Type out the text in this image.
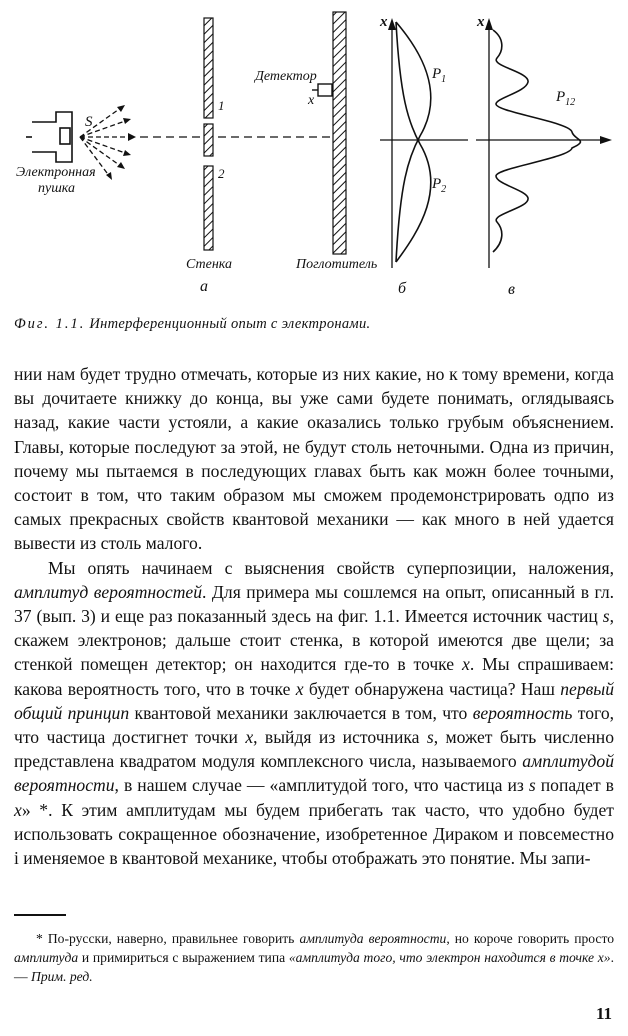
S
Электронная
пушка
1
2
Стенка
а
Детектор
x
Поглотитель
x
$P_1$
$P_2$
б
x
$P_{12}$
в
Фиг. 1.1. Интерференционный опыт с электронами.

нии нам будет трудно отмечать, которые из них какие, но к тому времени, когда вы дочитаете книжку до конца, вы уже сами будете понимать, оглядываясь назад, какие части устояли, а какие оказались только грубым объяснением. Главы, которые последуют за этой, не будут столь неточными. Одна из причин, почему мы пытаемся в последующих главах быть как можн более точными, состоит в том, что таким образом мы сможем продемонстрировать одпо из самых прекрасных свойств квантовой механики — как много в ней удается вывести из столь малого.

Мы опять начинаем с выяснения свойств суперпозиции, наложения, амплитуд вероятностей. Для примера мы сошлемся на опыт, описанный в гл. 37 (вып. 3) и еще раз показанный здесь на фиг. 1.1. Имеется источник частиц s, скажем электронов; дальше стоит стенка, в которой имеются две щели; за стенкой помещен детектор; он находится где-то в точке x. Мы спрашиваем: какова вероятность того, что в точке x будет обнаружена частица? Наш первый общий принцип квантовой механики заключается в том, что вероятность того, что частица достигнет точки x, выйдя из источника s, может быть численно представлена квадратом модуля комплексного числа, называемого амплитудой вероятности, в нашем случае — «амплитудой того, что частица из s попадет в x» *. К этим амплитудам мы будем прибегать так часто, что удобно будет использовать сокращенное обозначение, изобретенное Дираком и повсеместно і именяемое в квантовой механике, чтобы отображать это понятие. Мы запи-

* По-русски, наверно, правильнее говорить амплитуда вероятности, но короче говорить просто амплитуда и примириться с выражением типа «амплитуда того, что электрон находится в точке x».— Прим. ред.
11
